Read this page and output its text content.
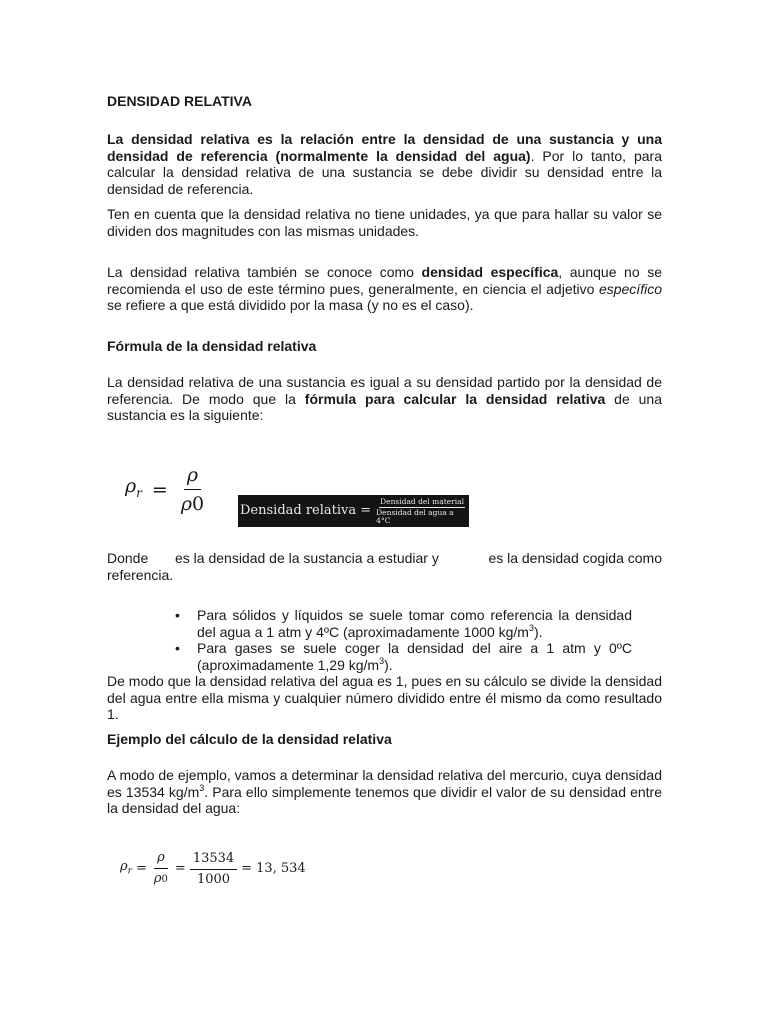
DENSIDAD RELATIVA

La densidad relativa es la relación entre la densidad de una sustancia y una densidad de referencia (normalmente la densidad del agua). Por lo tanto, para calcular la densidad relativa de una sustancia se debe dividir su densidad entre la densidad de referencia.

Ten en cuenta que la densidad relativa no tiene unidades, ya que para hallar su valor se dividen dos magnitudes con las mismas unidades.

La densidad relativa también se conoce como densidad específica, aunque no se recomienda el uso de este término pues, generalmente, en ciencia el adjetivo específico se refiere a que está dividido por la masa (y no es el caso).

Fórmula de la densidad relativa

La densidad relativa de una sustancia es igual a su densidad partido por la densidad de referencia. De modo que la fórmula para calcular la densidad relativa de una sustancia es la siguiente:

$\rho_r = \frac{\rho}{\rho 0}$	Densidad relativa = $\frac{\text{Densidad del material}}{\text{Densidad del agua a 4°C}}$
Donde es la densidad de la sustancia a estudiar y	es la densidad cogida como
referencia.
• Para sólidos y líquidos se suele tomar como referencia la densidad del agua a 1 atm y 4ºC (aproximadamente 1000 $kg/m^3$).
• Para gases se suele coger la densidad del aire a 1 atm y 0ºC (aproximadamente 1,29 $kg/m^3$).

De modo que la densidad relativa del agua es 1, pues en su cálculo se divide la densidad del agua entre ella misma y cualquier número dividido entre él mismo da como resultado 1.

Ejemplo del cálculo de la densidad relativa

A modo de ejemplo, vamos a determinar la densidad relativa del mercurio, cuya densidad es 13534 $kg/m^3$. Para ello simplemente tenemos que dividir el valor de su densidad entre la densidad del agua:

$\rho_r = \frac{\rho}{\rho 0} = \frac{13534}{1000} = 13$, 534
